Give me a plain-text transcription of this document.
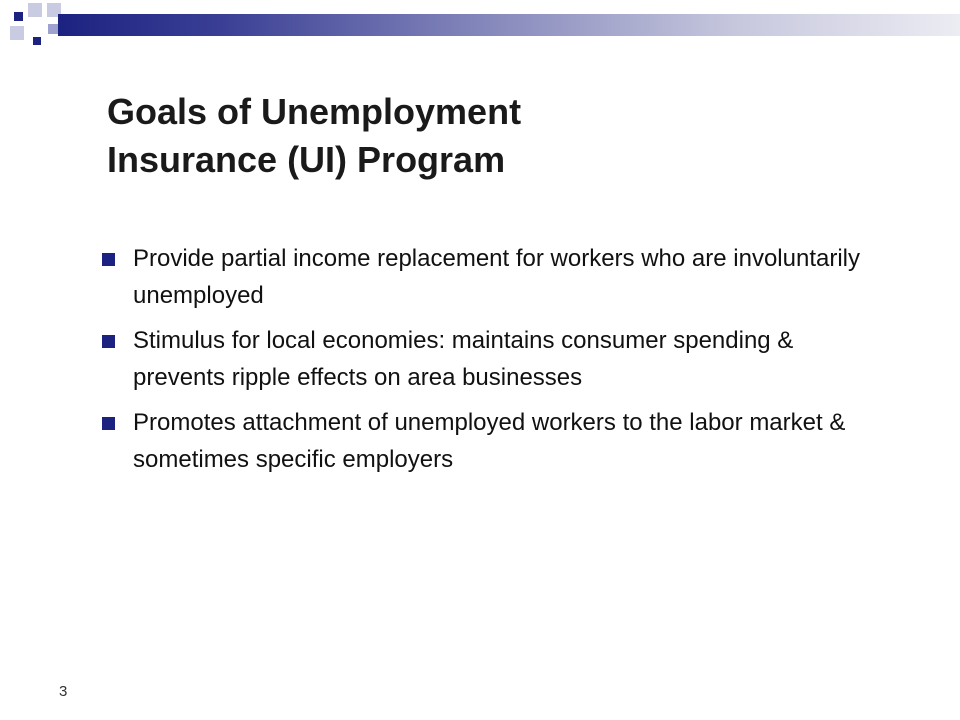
Goals of Unemployment
Insurance (UI) Program
Provide partial income replacement for workers who are involuntarily unemployed
Stimulus for local economies: maintains consumer spending & prevents ripple effects on area businesses
Promotes attachment of unemployed workers to the labor market & sometimes specific employers
3
